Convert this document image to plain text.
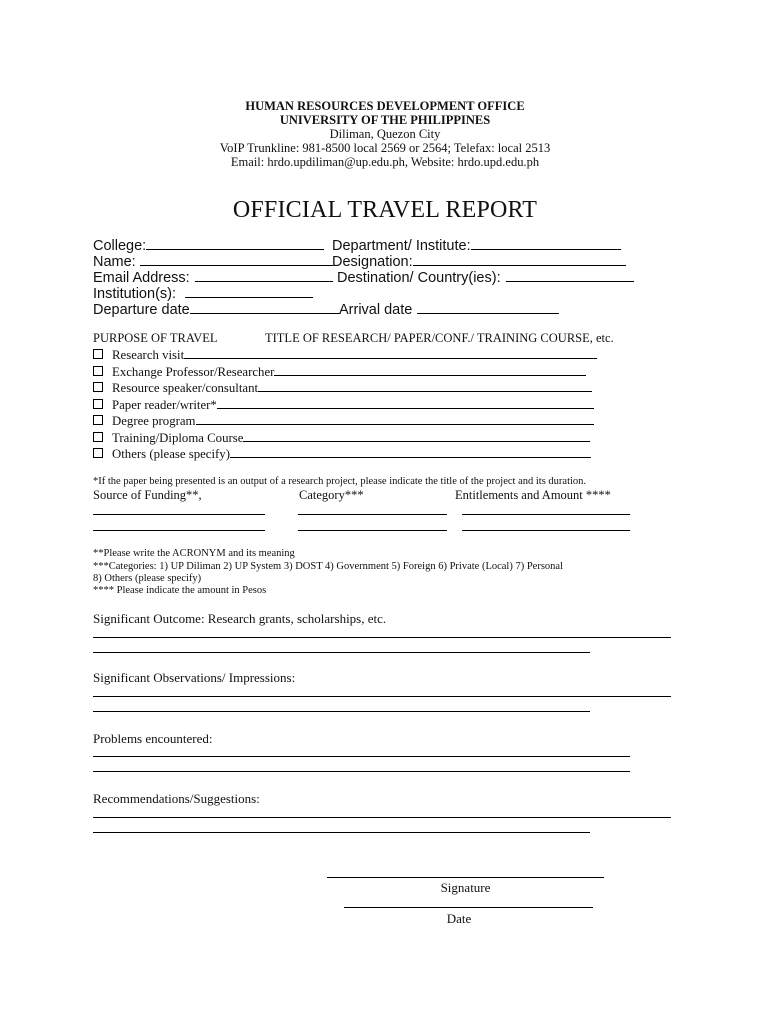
HUMAN RESOURCES DEVELOPMENT OFFICE
UNIVERSITY OF THE PHILIPPINES
Diliman, Quezon City
VoIP Trunkline: 981-8500 local 2569 or 2564; Telefax: local 2513
Email: hrdo.updiliman@up.edu.ph, Website: hrdo.upd.edu.ph
OFFICIAL TRAVEL REPORT
College:	Department/ Institute:
Name:	Designation:
Email Address:	Destination/ Country(ies):
Institution(s):
Departure date	Arrival date
PURPOSE OF TRAVEL	TITLE OF RESEARCH/ PAPER/CONF./ TRAINING COURSE, etc.
Research visit
Exchange Professor/Researcher
Resource speaker/consultant
Paper reader/writer*
Degree program
Training/Diploma Course
Others (please specify)
*If the paper being presented is an output of a research project, please indicate the title of the project and its duration.
Source of Funding**,	Category***	Entitlements and Amount ****
**Please write the ACRONYM and its meaning
***Categories: 1) UP Diliman 2) UP System 3) DOST 4) Government 5) Foreign 6) Private (Local) 7) Personal
8) Others (please specify)
**** Please indicate the amount in Pesos
Significant Outcome: Research grants, scholarships, etc.
Significant Observations/ Impressions:
Problems encountered:
Recommendations/Suggestions:
Signature
Date
